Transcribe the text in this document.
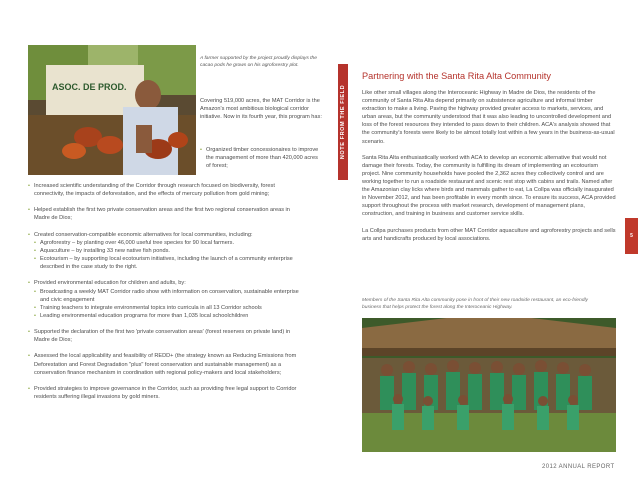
ASOC. DE PROD.
A farmer supported by the project proudly displays the cacao pods he grows on his agroforestry plot.
Covering 519,000 acres, the MAT Corridor is the Amazon's most ambitious biological corridor initiative. Now in its fourth year, this program has:
• Organized timber concessionaires to improve the management of more than 420,000 acres of forest;
• Increased scientific understanding of the Corridor through research focused on biodiversity, forest connectivity, the impacts of deforestation, and the effects of mercury pollution from gold mining;
• Helped establish the first two private conservation areas and the first two regional conservation areas in Madre de Dios;
• Created conservation-compatible economic alternatives for local communities, including:
• Agroforestry – by planting over 46,000 useful tree species for 90 local farmers.
• Aquaculture – by installing 33 new native fish ponds.
• Ecotourism – by supporting local ecotourism initiatives, including the launch of a community enterprise described in the case study to the right.
• Provided environmental education for children and adults, by:
• Broadcasting a weekly MAT Corridor radio show with information on conservation, sustainable enterprise and civic engagement
• Training teachers to integrate environmental topics into curricula in all 13 Corridor schools
• Leading environmental education programs for more than 1,035 local schoolchildren
• Supported the declaration of the first two 'private conservation areas' (forest reserves on private land) in Madre de Dios;
• Assessed the local applicability and feasibility of REDD+ (the strategy known as Reducing Emissions from Deforestation and Forest Degradation "plus" forest conservation and sustainable management) as a conservation finance mechanism in coordination with regional policy-makers and local stakeholders;
• Provided strategies to improve governance in the Corridor, such as providing free legal support to Corridor residents suffering illegal invasions by gold miners.
NOTE FROM THE FIELD
Partnering with the Santa Rita Alta Community

Like other small villages along the Interoceanic Highway in Madre de Dios, the residents of the community of Santa Rita Alta depend primarily on subsistence agriculture and informal timber extraction to make a living. Paving the highway provided greater access to markets, services, and urban areas, but the community understood that it was also leading to uncontrolled development and loss of the forest resources they intended to pass down to their children. ACA's analysis showed that the community's forests were likely to be almost totally lost within a few years in the business-as-usual scenario.

Santa Rita Alta enthusiastically worked with ACA to develop an economic alternative that would not damage their forests. Today, the community is fulfilling its dream of implementing an ecotourism project. Nine community households have pooled the 2,362 acres they collectively control and are working together to run a roadside restaurant and scenic rest stop with cabins and trails. Named after the Amazonian clay licks where birds and mammals gather to eat, La Collpa was officially inaugurated in November 2012, and has been profitable in every month since. To ensure its success, ACA provided support throughout the process with market research, development of management plans, construction, and training in business and customer service skills.

La Collpa purchases products from other MAT Corridor aquaculture and agroforestry projects and sells arts and handicrafts produced by local associations.

Members of the Santa Rita Alta community pose in front of their new roadside restaurant, an eco-friendly business that helps protect the forest along the Interoceanic Highway.
2012 ANNUAL REPORT
5
